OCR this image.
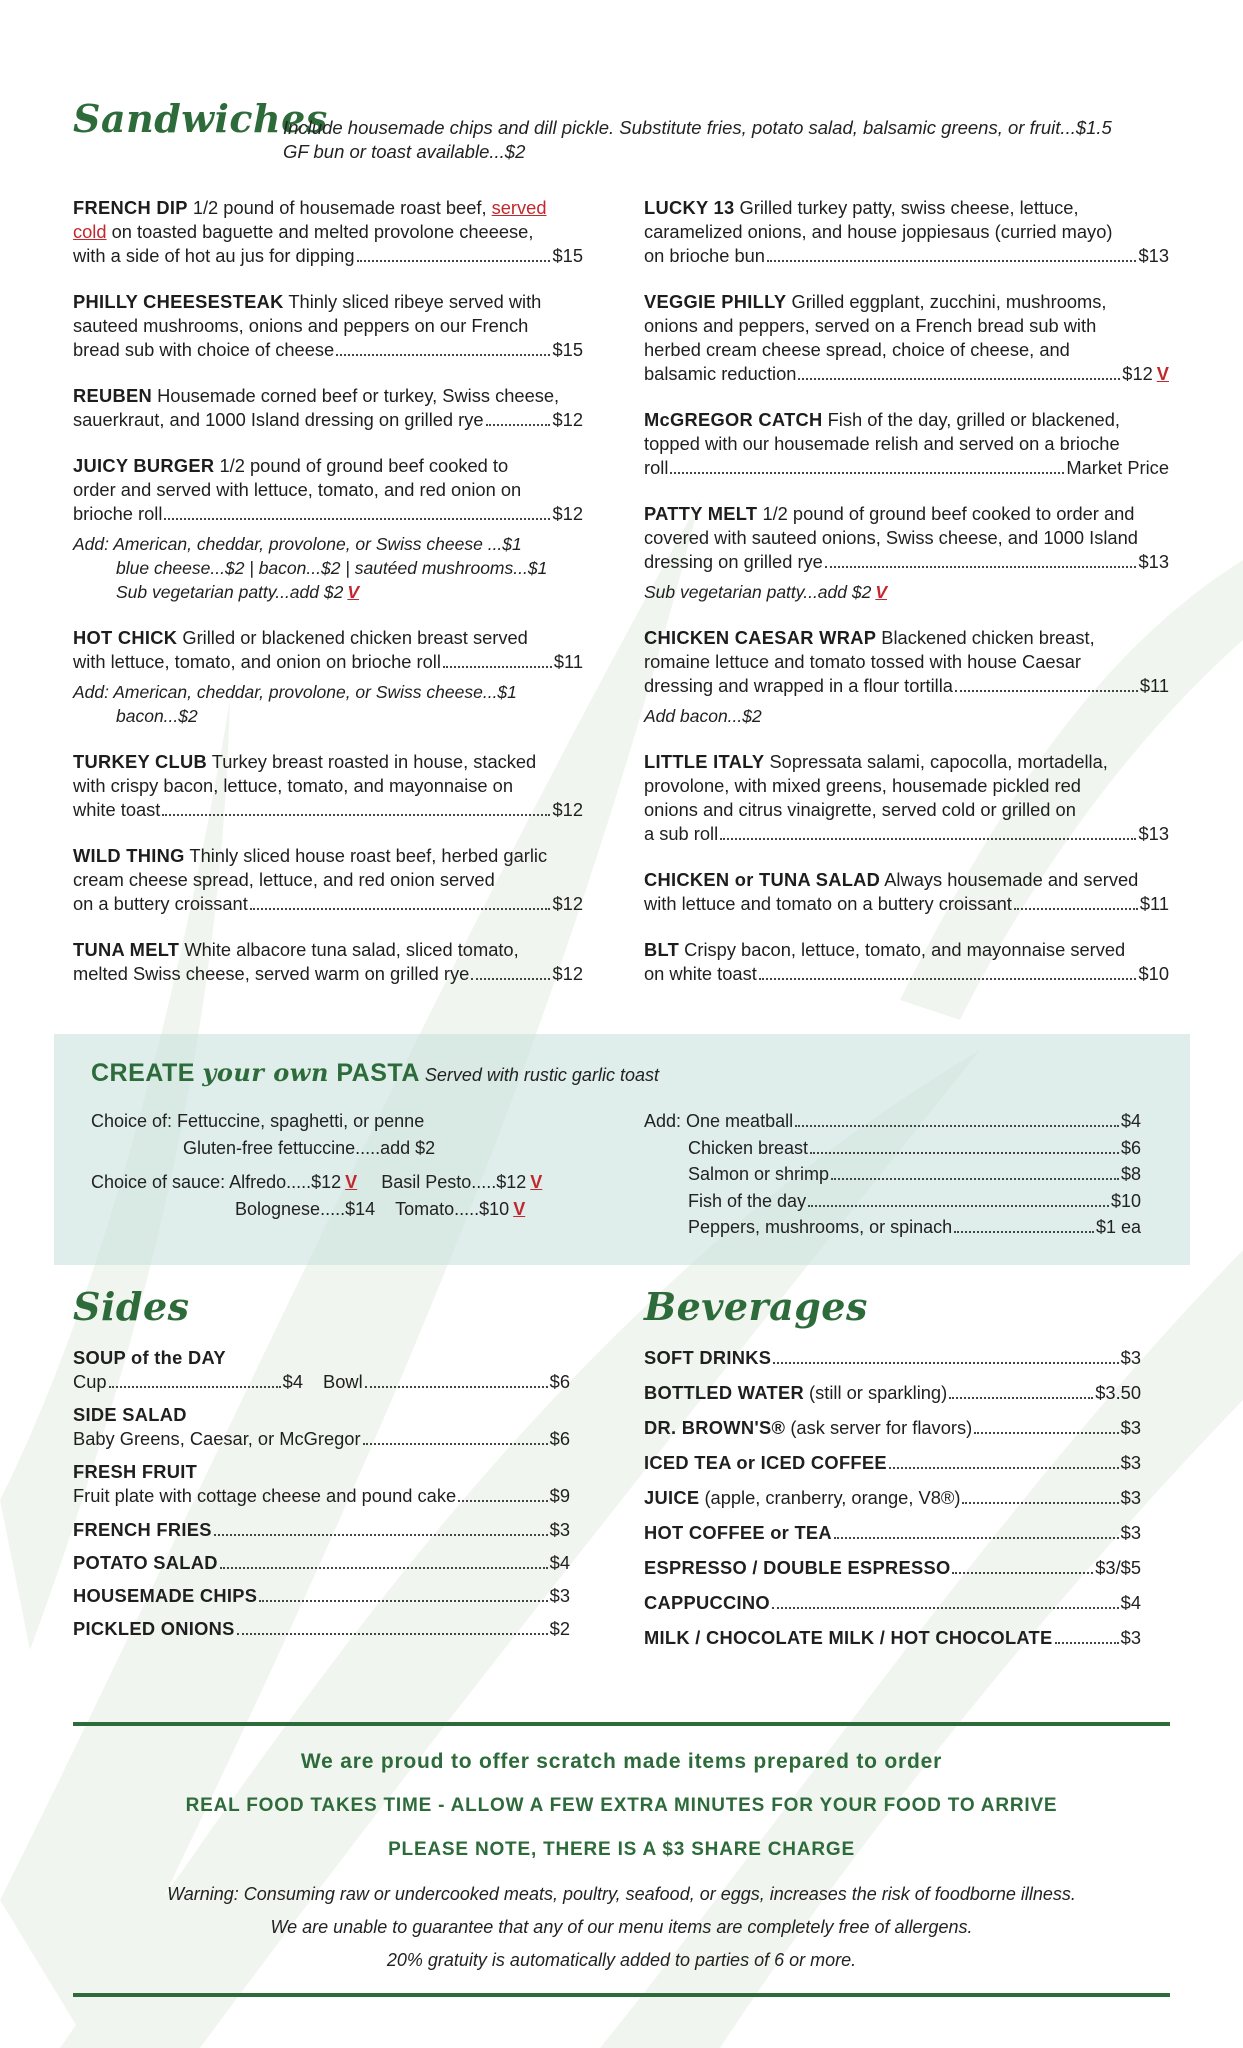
Sandwiches
Include housemade chips and dill pickle. Substitute fries, potato salad, balsamic greens, or fruit...$1.5
GF bun or toast available...$2
FRENCH DIP 1/2 pound of housemade roast beef, served
cold on toasted baguette and melted provolone cheeese,
with a side of hot au jus for dipping	$15
PHILLY CHEESESTEAK Thinly sliced ribeye served with
sauteed mushrooms, onions and peppers on our French
bread sub with choice of cheese	$15
REUBEN Housemade corned beef or turkey, Swiss cheese,
sauerkraut, and 1000 Island dressing on grilled rye	$12
JUICY BURGER 1/2 pound of ground beef cooked to
order and served with lettuce, tomato, and red onion on
brioche roll	$12
Add: American, cheddar, provolone, or Swiss cheese ...$1
blue cheese...$2 | bacon...$2 | sautéed mushrooms...$1
Sub vegetarian patty...add $2 V
HOT CHICK Grilled or blackened chicken breast served
with lettuce, tomato, and onion on brioche roll	$11
Add: American, cheddar, provolone, or Swiss cheese...$1
bacon...$2
TURKEY CLUB Turkey breast roasted in house, stacked
with crispy bacon, lettuce, tomato, and mayonnaise on
white toast	$12
WILD THING Thinly sliced house roast beef, herbed garlic
cream cheese spread, lettuce, and red onion served
on a buttery croissant	$12
TUNA MELT White albacore tuna salad, sliced tomato,
melted Swiss cheese, served warm on grilled rye	$12
LUCKY 13 Grilled turkey patty, swiss cheese, lettuce,
caramelized onions, and house joppiesaus (curried mayo)
on brioche bun	$13
VEGGIE PHILLY Grilled eggplant, zucchini, mushrooms,
onions and peppers, served on a French bread sub with
herbed cream cheese spread, choice of cheese, and
balsamic reduction	$12 V
McGREGOR CATCH Fish of the day, grilled or blackened,
topped with our housemade relish and served on a brioche
roll	Market Price
PATTY MELT 1/2 pound of ground beef cooked to order and
covered with sauteed onions, Swiss cheese, and 1000 Island
dressing on grilled rye	$13
Sub vegetarian patty...add $2 V
CHICKEN CAESAR WRAP Blackened chicken breast,
romaine lettuce and tomato tossed with house Caesar
dressing and wrapped in a flour tortilla	$11
Add bacon...$2
LITTLE ITALY Sopressata salami, capocolla, mortadella,
provolone, with mixed greens, housemade pickled red
onions and citrus vinaigrette, served cold or grilled on
a sub roll	$13
CHICKEN or TUNA SALAD Always housemade and served
with lettuce and tomato on a buttery croissant	$11
BLT Crispy bacon, lettuce, tomato, and mayonnaise served
on white toast	$10
CREATE your own PASTA Served with rustic garlic toast
Choice of: Fettuccine, spaghetti, or penne
Gluten-free fettuccine.....add $2
Choice of sauce: Alfredo.....$12 V Basil Pesto.....$12 V
Bolognese.....$14 Tomato.....$10 V
Add: One meatball	$4
Chicken breast	$6
Salmon or shrimp	$8
Fish of the day	$10
Peppers, mushrooms, or spinach	$1 ea
Sides
SOUP of the DAY
Cup	$4 Bowl	$6
SIDE SALAD
Baby Greens, Caesar, or McGregor	$6
FRESH FRUIT
Fruit plate with cottage cheese and pound cake	$9
FRENCH FRIES	$3
POTATO SALAD	$4
HOUSEMADE CHIPS	$3
PICKLED ONIONS	$2
Beverages
SOFT DRINKS	$3
BOTTLED WATER (still or sparkling)	$3.50
DR. BROWN'S® (ask server for flavors)	$3
ICED TEA or ICED COFFEE	$3
JUICE (apple, cranberry, orange, V8®)	$3
HOT COFFEE or TEA	$3
ESPRESSO / DOUBLE ESPRESSO	$3/$5
CAPPUCCINO	$4
MILK / CHOCOLATE MILK / HOT CHOCOLATE	$3
We are proud to offer scratch made items prepared to order
REAL FOOD TAKES TIME - ALLOW A FEW EXTRA MINUTES FOR YOUR FOOD TO ARRIVE
PLEASE NOTE, THERE IS A $3 SHARE CHARGE
Warning: Consuming raw or undercooked meats, poultry, seafood, or eggs, increases the risk of foodborne illness.
We are unable to guarantee that any of our menu items are completely free of allergens.
20% gratuity is automatically added to parties of 6 or more.
